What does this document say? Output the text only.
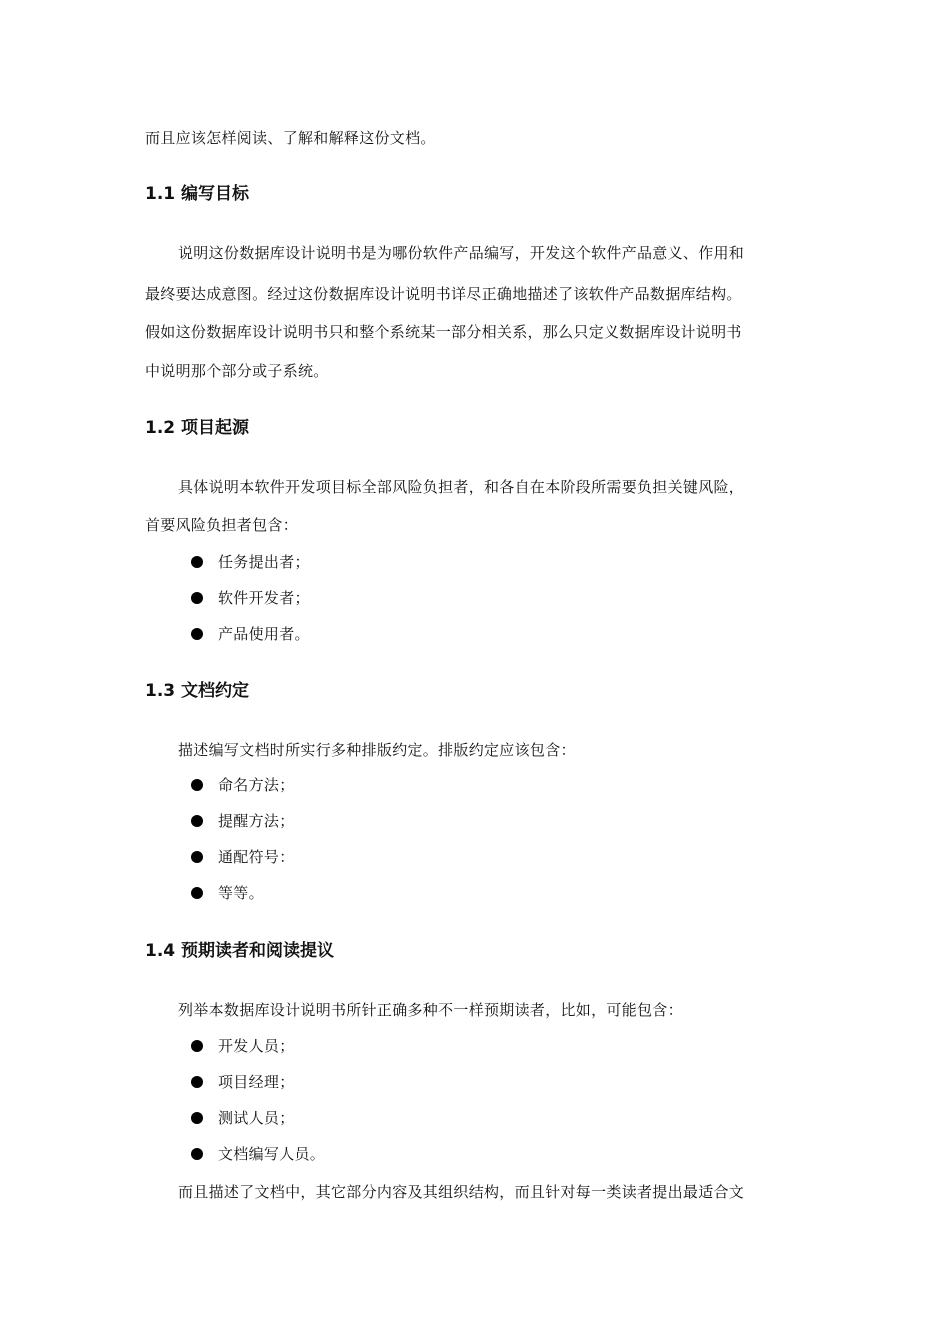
而且应该怎样阅读、了解和解释这份文档。
1.1 编写目标
说明这份数据库设计说明书是为哪份软件产品编写，开发这个软件产品意义、作用和
最终要达成意图。经过这份数据库设计说明书详尽正确地描述了该软件产品数据库结构。
假如这份数据库设计说明书只和整个系统某一部分相关系，那么只定义数据库设计说明书
中说明那个部分或子系统。
1.2 项目起源
具体说明本软件开发项目标全部风险负担者，和各自在本阶段所需要负担关键风险，
首要风险负担者包含：
任务提出者；
软件开发者；
产品使用者。
1.3 文档约定
描述编写文档时所实行多种排版约定。排版约定应该包含：
命名方法；
提醒方法；
通配符号：
等等。
1.4 预期读者和阅读提议
列举本数据库设计说明书所针正确多种不一样预期读者，比如，可能包含：
开发人员；
项目经理；
测试人员；
文档编写人员。
而且描述了文档中，其它部分内容及其组织结构，而且针对每一类读者提出最适合文
